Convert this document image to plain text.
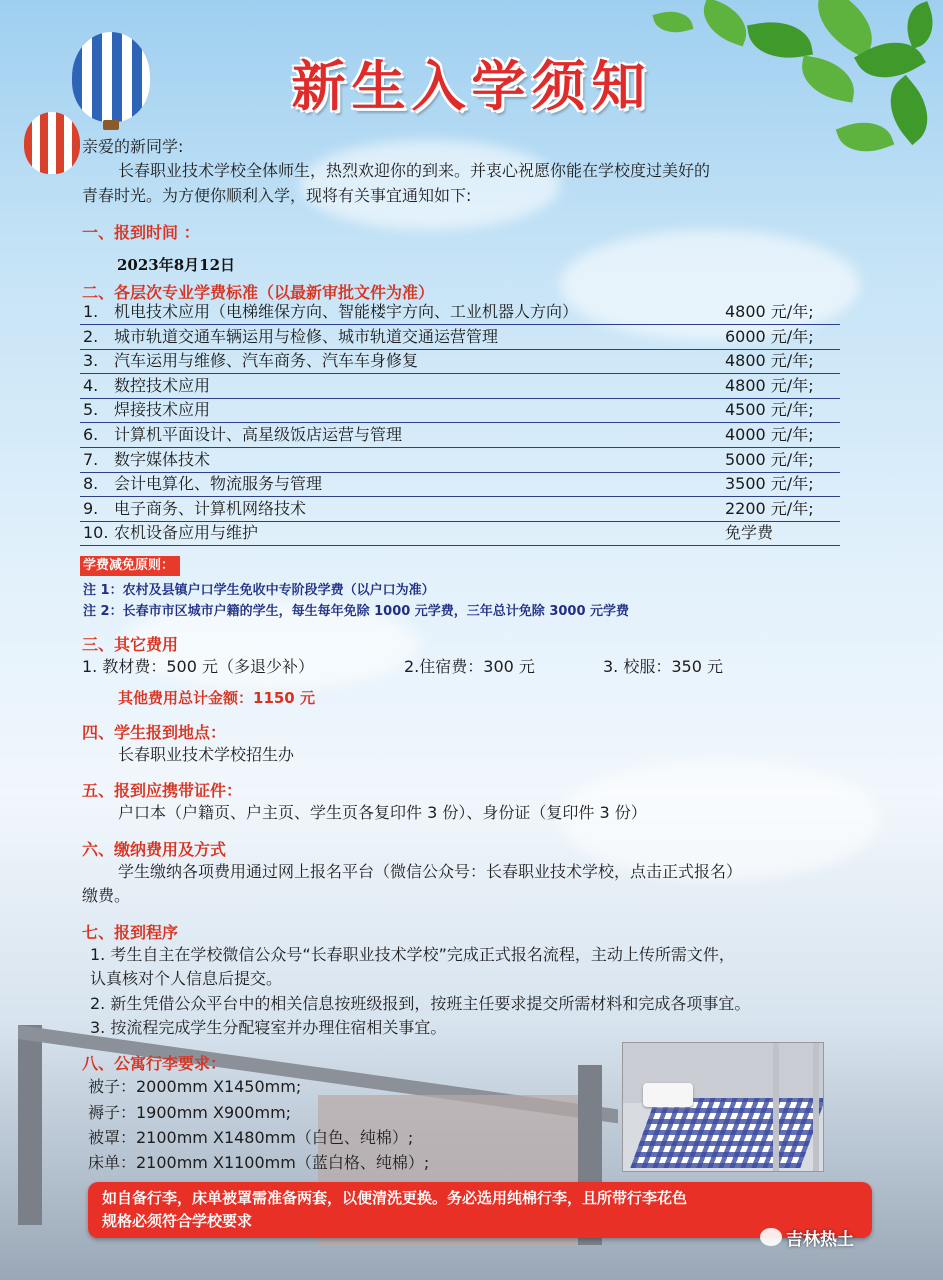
新生入学须知
亲爱的新同学:
长春职业技术学校全体师生，热烈欢迎你的到来。并衷心祝愿你能在学校度过美好的
青春时光。为方便你顺利入学，现将有关事宜通知如下:
一、报到时间 ：
2023年8月12日
二、各层次专业学费标准（以最新审批文件为准）
1. 机电技术应用（电梯维保方向、智能楼宇方向、工业机器人方向）	4800 元/年;
2. 城市轨道交通车辆运用与检修、城市轨道交通运营管理	6000 元/年;
3. 汽车运用与维修、汽车商务、汽车车身修复	4800 元/年;
4. 数控技术应用	4800 元/年;
5. 焊接技术应用	4500 元/年;
6. 计算机平面设计、高星级饭店运营与管理	4000 元/年;
7. 数字媒体技术	5000 元/年;
8. 会计电算化、物流服务与管理	3500 元/年;
9. 电子商务、计算机网络技术	2200 元/年;
10. 农机设备应用与维护	免学费
学费减免原则：
注 1：农村及县镇户口学生免收中专阶段学费（以户口为准）
注 2：长春市市区城市户籍的学生，每生每年免除 1000 元学费，三年总计免除 3000 元学费
三、其它费用
1. 教材费：500 元（多退少补）	2.住宿费：300 元	3. 校服：350 元
其他费用总计金额：1150 元
四、学生报到地点：
长春职业技术学校招生办
五、报到应携带证件：
户口本（户籍页、户主页、学生页各复印件 3 份）、身份证（复印件 3 份）
六、缴纳费用及方式
学生缴纳各项费用通过网上报名平台（微信公众号：长春职业技术学校，点击正式报名）
缴费。
七、报到程序
1. 考生自主在学校微信公众号“长春职业技术学校”完成正式报名流程，主动上传所需文件，
认真核对个人信息后提交。
2. 新生凭借公众平台中的相关信息按班级报到，按班主任要求提交所需材料和完成各项事宜。
3. 按流程完成学生分配寝室并办理住宿相关事宜。
八、公寓行李要求：
被子：2000mm X1450mm;
褥子：1900mm X900mm;
被罩：2100mm X1480mm（白色、纯棉）;
床单：2100mm X1100mm（蓝白格、纯棉）;
如自备行李，床单被罩需准备两套，以便清洗更换。务必选用纯棉行李，且所带行李花色
规格必须符合学校要求
吉林热土
